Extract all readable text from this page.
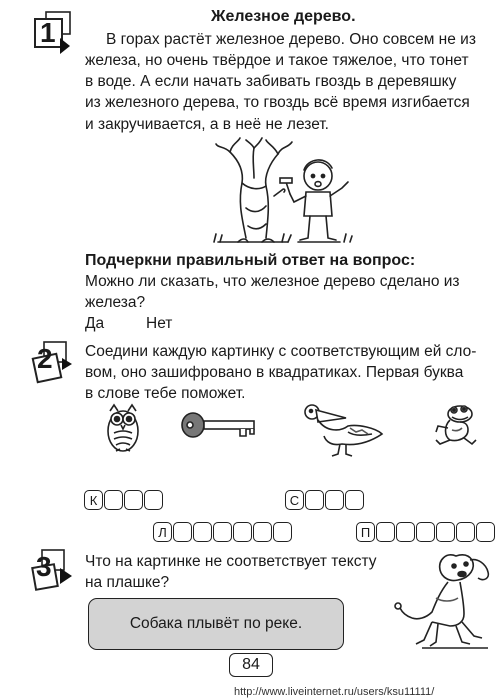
1
Железное дерево.
В горах растёт железное дерево. Оно совсем не из
железа, но очень твёрдое и такое тяжелое, что тонет
в воде. А если начать забивать гвоздь в деревяшку
из железного дерева, то гвоздь всё время изгибается
и закручивается, а в неё не лезет.
Подчеркни правильный ответ на вопрос:
Можно ли сказать, что железное дерево сделано из
железа?
Да	Нет
2 Соедини каждую картинку с соответствующим ей сло-
вом, оно зашифровано в квадратиках. Первая буква
в слове тебе поможет.
К	С
Л	П
3 Что на картинке не соответствует тексту
на плашке?
Собака плывёт по реке.
84
http://www.liveinternet.ru/users/ksu11111/
